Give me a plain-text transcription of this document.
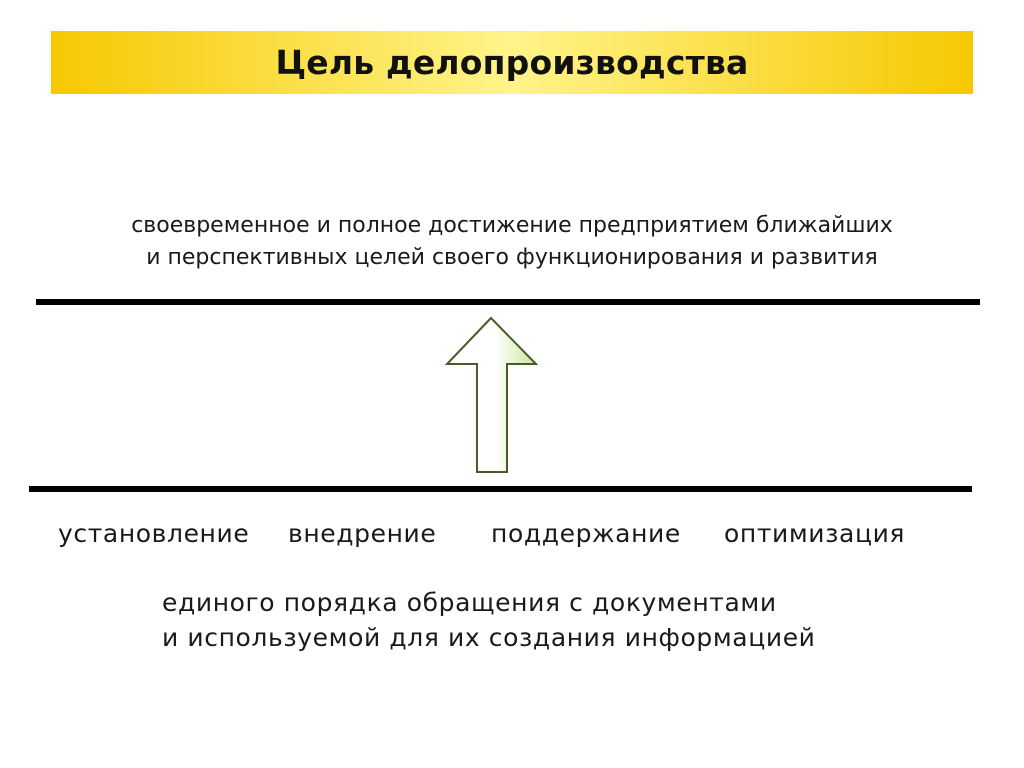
Цель делопроизводства
своевременное и полное достижение предприятием ближайших
и перспективных целей своего функционирования и развития
установление внедрение поддержание оптимизация
единого порядка обращения с документами
и используемой для их создания информацией
